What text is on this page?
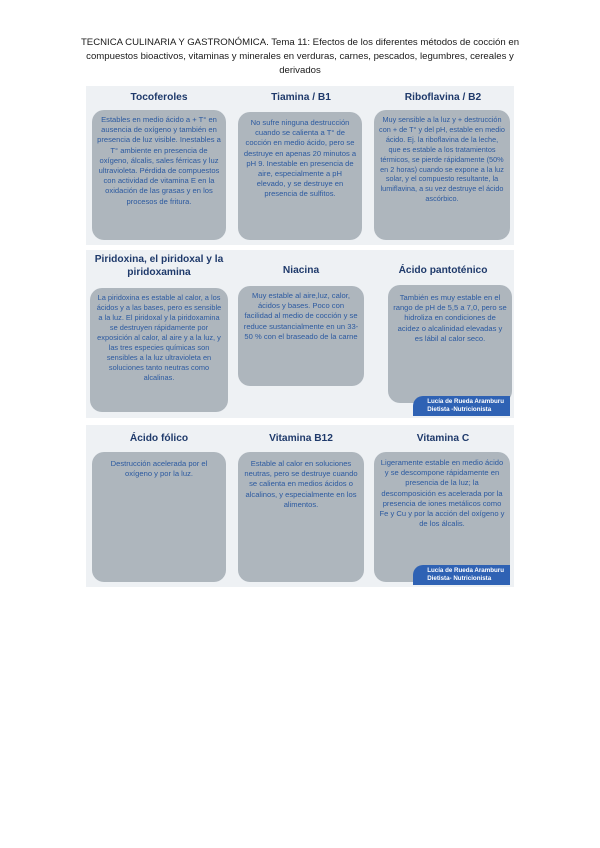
TECNICA CULINARIA Y GASTRONÓMICA. Tema 11: Efectos de los diferentes métodos de cocción en compuestos bioactivos, vitaminas y minerales en verduras, carnes, pescados, legumbres, cereales y derivados
Tocoferoles
Estables en medio ácido a + T° en ausencia de oxígeno y también en presencia de luz visible. Inestables a T° ambiente en presencia de oxígeno, álcalis, sales férricas y luz ultravioleta. Pérdida de compuestos con actividad de vitamina E en la oxidación de las grasas y en los procesos de fritura.
Tiamina / B1
No sufre ninguna destrucción cuando se calienta a T° de cocción en medio ácido, pero se destruye en apenas 20 minutos a pH 9. Inestable en presencia de aire, especialmente a pH elevado, y se destruye en presencia de sulfitos.
Riboflavina / B2
Muy sensible a la luz y + destrucción con + de T° y del pH, estable en medio ácido. Ej. la riboflavina de la leche, que es estable a los tratamientos térmicos, se pierde rápidamente (50% en 2 horas) cuando se expone a la luz solar, y el compuesto resultante, la lumiflavina, a su vez destruye el ácido ascórbico.
Piridoxina, el piridoxal y la piridoxamina
La piridoxina es estable al calor, a los ácidos y a las bases, pero es sensible a la luz. El piridoxal y la piridoxamina se destruyen rápidamente por exposición al calor, al aire y a la luz, y las tres especies químicas son sensibles a la luz ultravioleta en soluciones tanto neutras como alcalinas.
Niacina
Muy estable al aire,luz, calor, ácidos y bases. Poco con facilidad al medio de cocción y se reduce sustancialmente en un 33-50 % con el braseado de la carne
Ácido pantoténico
También es muy estable en el rango de pH de 5,5 a 7,0, pero se hidroliza en condiciones de acidez o alcalinidad elevadas y es lábil al calor seco.
Lucía de Rueda Aramburu
Dietista -Nutricionista
Ácido fólico
Destrucción acelerada por el oxígeno y por la luz.
Vitamina B12
Estable al calor en soluciones neutras, pero se destruye cuando se calienta en medios ácidos o alcalinos, y especialmente en los alimentos.
Vitamina C
Ligeramente estable en medio ácido y se descompone rápidamente en presencia de la luz; la descomposición es acelerada por la presencia de iones metálicos como Fe y Cu y por la acción del oxígeno y de los álcalis.
Lucía de Rueda Aramburu
Dietista- Nutricionista
